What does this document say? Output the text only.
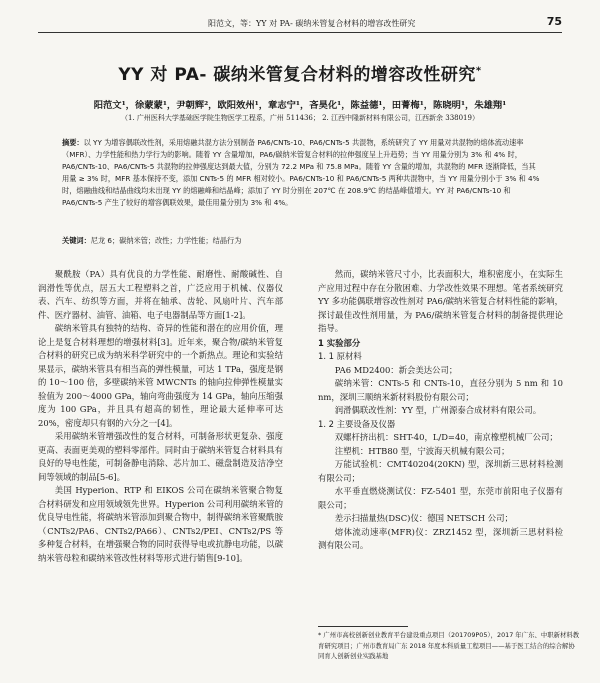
阳范文，等：YY 对 PA- 碳纳米管复合材料的增容改性研究	75
YY 对 PA- 碳纳米管复合材料的增容改性研究*
阳范文¹，徐蒙蒙¹，尹朝辉²，欧阳效州¹，章志宁¹，吝昊化¹，陈益德¹，田菁梅¹，陈晓明¹，朱雄翔¹
（1. 广州医科大学基础医学院生物医学工程系，广州 511436； 2. 江西中隆新材料有限公司，江西新余 338019）
摘要：以 YY 为增容偶联改性剂，采用熔融共混方法分别制备 PA6/CNTs-10、PA6/CNTs-5 共混物，系统研究了 YY 用量对共混物的熔体流动速率（MFR）、力学性能和热力学行为的影响。随着 YY 含量增加，PA6/碳纳米管复合材料的拉伸强度呈上升趋势；当 YY 用量分别为 3% 和 4% 时，PA6/CNTs-10、PA6/CNTs-5 共混物的拉伸强度达到最大值，分别为 72.2 MPa 和 75.8 MPa。随着 YY 含量的增加，共混物的 MFR 逐渐降低，当其用量 ≥ 3% 时，MFR 基本保持不变，添加 CNTs-5 的 MFR 相对较小。PA6/CNTs-10 和 PA6/CNTs-5 两种共混物中，当 YY 用量分别小于 3% 和 4% 时，熔融曲线和结晶曲线均未出现 YY 的熔融峰和结晶峰；添加了 YY 时分别在 207℃ 在 208.9℃ 的结晶峰值增大。YY 对 PA6/CNTs-10 和 PA6/CNTs-5 产生了较好的增容偶联效果，最佳用量分别为 3% 和 4%。
关键词：尼龙 6；碳纳米管；改性；力学性能；结晶行为

聚酰胺（PA）具有优良的力学性能、耐磨性、耐酸碱性、自润滑性等优点，居五大工程塑料之首，广泛应用于机械、仪器仪表、汽车、纺织等方面，并将在轴承、齿轮、风扇叶片、汽车部件、医疗器材、油管、油箱、电子电器制品等方面[1-2]。

碳纳米管具有独特的结构、奇异的性能和潜在的应用价值，理论上是复合材料理想的增强材料[3]。近年来，聚合物/碳纳米管复合材料的研究已成为纳米科学研究中的一个新热点。理论和实验结果显示，碳纳米管具有相当高的弹性模量，可达 1 TPa，强度是钢的 10～100 倍，多壁碳纳米管 MWCNTs 的轴向拉伸弹性模量实验值为 200～4000 GPa，轴向弯曲强度为 14 GPa，轴向压缩强度为 100 GPa，并且具有超高的韧性，理论最大延伸率可达 20%，密度却只有钢的六分之一[4]。

采用碳纳米管增强改性的复合材料，可制备形状更复杂、强度更高、表面更美观的塑料零部件。同时由于碳纳米管复合材料具有良好的导电性能，可制备静电消除、芯片加工、磁盘制造及洁净空间等领域的制品[5-6]。

美国 Hyperion、RTP 和 EIKOS 公司在碳纳米管聚合物复合材料研发和应用领域领先世界。Hyperion 公司利用碳纳米管的优良导电性能，将碳纳米管添加到聚合物中，制得碳纳米管聚酰胺（CNTs2/PA6、CNTs2/PA66）、CNTs2/PEI、CNTs2/PS 等多种复合材料，在增强聚合物的同时获得导电或抗静电功能，以碳纳米管母粒和碳纳米管改性材料等形式进行销售[9-10]。

然而，碳纳米管尺寸小，比表面积大，堆积密度小，在实际生产应用过程中存在分散困难、力学改性效果不理想。笔者系统研究 YY 多功能偶联增容改性剂对 PA6/碳纳米管复合材料性能的影响，探讨最佳改性剂用量，为 PA6/碳纳米管复合材料的制备提供理论指导。

1 实验部分

1. 1 原材料

PA6 MD2400：新会美达公司；

碳纳米管：CNTs-5 和 CNTs-10，直径分别为 5 nm 和 10 nm，深圳三顺纳米新材料股份有限公司；

润滑偶联改性剂：YY 型，广州源泰合成材料有限公司。

1. 2 主要设备及仪器

双螺杆挤出机：SHT-40，L/D=40，南京橡塑机械厂公司；

注塑机：HTB80 型，宁波海天机械有限公司；

万能试验机：CMT40204(20KN) 型，深圳新三思材料检测有限公司；

水平垂直燃烧测试仪：FZ-5401 型，东莞市前阳电子仪器有限公司；

差示扫描量热(DSC)仪：德国 NETSCH 公司；

熔体流动速率(MFR)仪：ZRZ1452 型，深圳新三思材料检测有限公司。

* 广州市高校创新创业教育平台建设重点项目（201709P05），2017 年广东、中职新材料教育研究项目；广州市教育局广东 2018 年度本科质量工程项目——基于医工结合的综合解协同育人创新创业实践基地
